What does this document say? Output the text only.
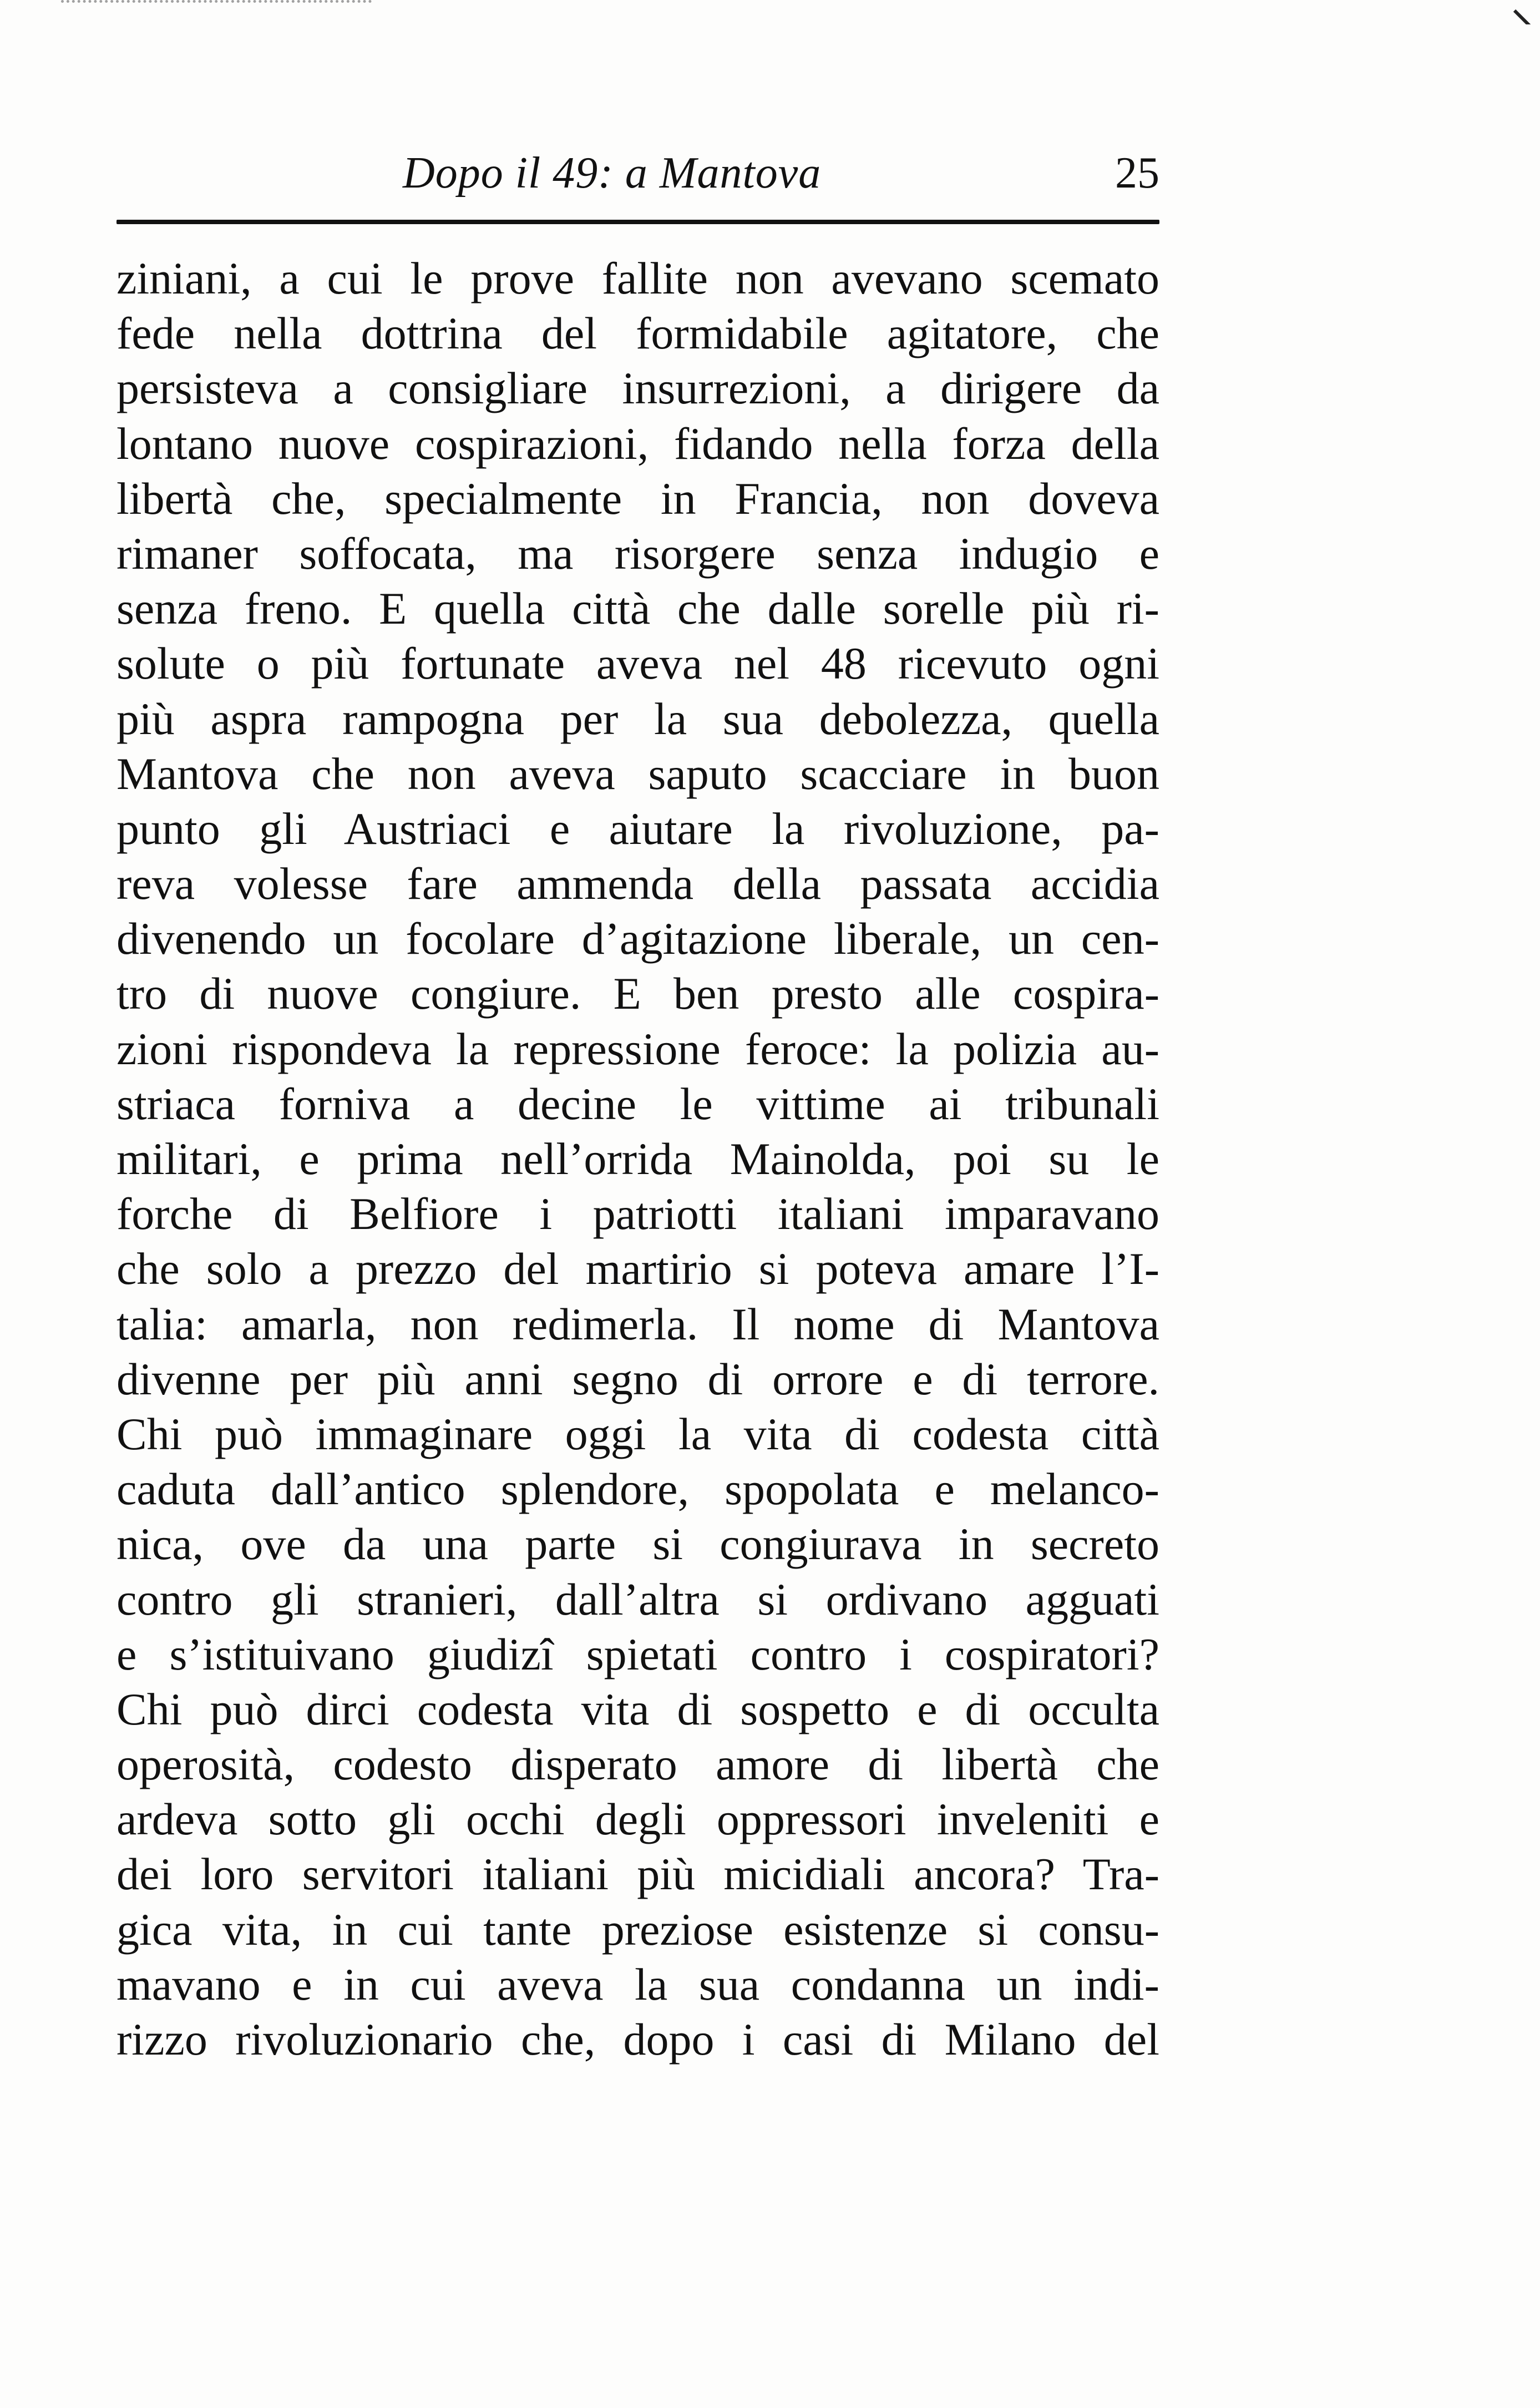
Dopo il 49: a Mantova	25
ziniani, a cui le prove fallite non avevano scemato
fede nella dottrina del formidabile agitatore, che
persisteva a consigliare insurrezioni, a dirigere da
lontano nuove cospirazioni, fidando nella forza della
libertà che, specialmente in Francia, non doveva
rimaner soffocata, ma risorgere senza indugio e
senza freno. E quella città che dalle sorelle più ri-
solute o più fortunate aveva nel 48 ricevuto ogni
più aspra rampogna per la sua debolezza, quella
Mantova che non aveva saputo scacciare in buon
punto gli Austriaci e aiutare la rivoluzione, pa-
reva volesse fare ammenda della passata accidia
divenendo un focolare d’agitazione liberale, un cen-
tro di nuove congiure. E ben presto alle cospira-
zioni rispondeva la repressione feroce: la polizia au-
striaca forniva a decine le vittime ai tribunali
militari, e prima nell’orrida Mainolda, poi su le
forche di Belfiore i patriotti italiani imparavano
che solo a prezzo del martirio si poteva amare l’I-
talia: amarla, non redimerla. Il nome di Mantova
divenne per più anni segno di orrore e di terrore.
Chi può immaginare oggi la vita di codesta città
caduta dall’antico splendore, spopolata e melanco-
nica, ove da una parte si congiurava in secreto
contro gli stranieri, dall’altra si ordivano agguati
e s’istituivano giudizî spietati contro i cospiratori?
Chi può dirci codesta vita di sospetto e di occulta
operosità, codesto disperato amore di libertà che
ardeva sotto gli occhi degli oppressori inveleniti e
dei loro servitori italiani più micidiali ancora? Tra-
gica vita, in cui tante preziose esistenze si consu-
mavano e in cui aveva la sua condanna un indi-
rizzo rivoluzionario che, dopo i casi di Milano del
